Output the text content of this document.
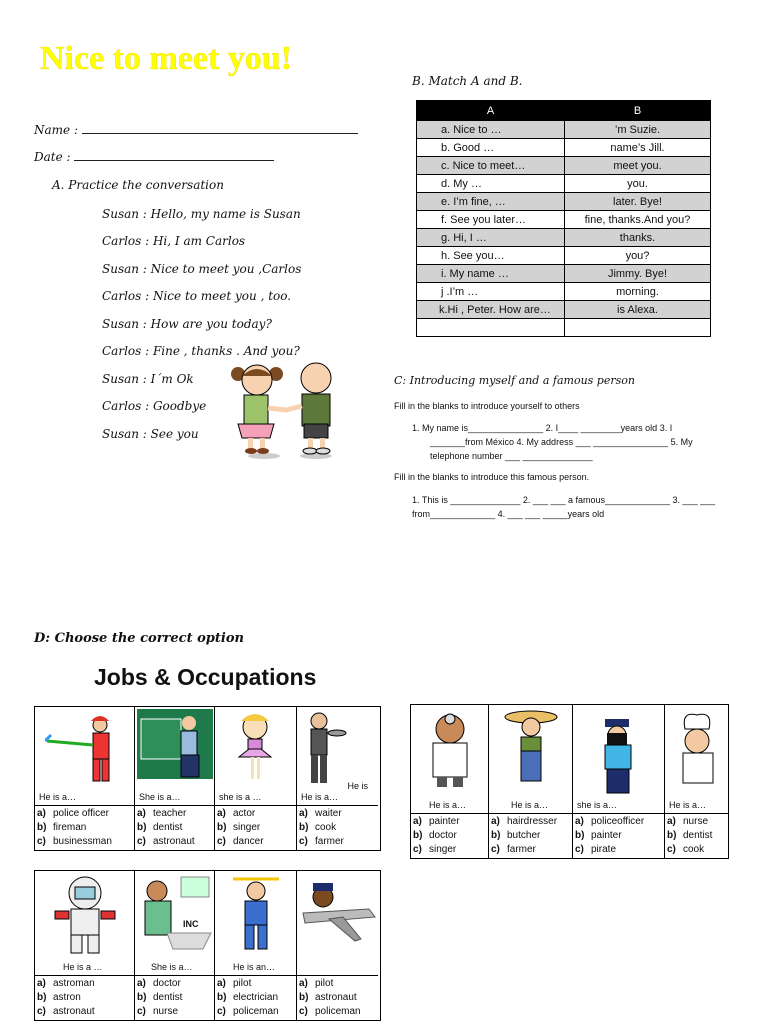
Nice to meet you!
Name :
Date :
A. Practice the conversation
Susan : Hello, my name is Susan
Carlos : Hi, I am Carlos
Susan : Nice to meet you ,Carlos
Carlos : Nice to meet you , too.
Susan : How are you today?
Carlos : Fine , thanks . And you?
Susan : I´m Ok
Carlos : Goodbye
Susan : See you
B. Match A and B.
A	B
a. Nice to …	’m Suzie.
b. Good …	name’s Jill.
c. Nice to meet…	meet you.
d. My …	you.
e. I’m fine, …	later. Bye!
f. See you later…	fine, thanks.And you?
g. Hi, I …	thanks.
h. See you…	you?
i. My name …	Jimmy. Bye!
j .I’m …	morning.
k.Hi , Peter. How are…	is Alexa.

C: Introducing myself and a famous person
Fill in the blanks to introduce yourself to others
1. My name is_______________ 2. I____ ________years old 3. I
_______from México 4. My address ___ _______________ 5. My
telephone number ___ ______________
Fill in the blanks to introduce this famous person.
1. This is ______________ 2. ___ ___ a famous_____________ 3. ___ ___
from_____________ 4. ___ ___ _____years old
D: Choose the correct option
Jobs & Occupations
He is a…
a) police officer
b) fireman
c) businessman
She is a…
a) teacher
b) dentist
c) astronaut
she is a …
a) actor
b) singer
c) dancer
He is
He is a…
a) waiter
b) cook
c) farmer
He is a…
a) painter
b) doctor
c) singer
He is a…
a) hairdresser
b) butcher
c) farmer
she is a…
a) policeofficer
b) painter
c) pirate
He is a…
a) nurse
b) dentist
c) cook
He is a …
a) astroman
b) astron
c) astronaut
INC
She is a…
a) doctor
b) dentist
c) nurse
He is an…
a) pilot
b) electrician
c) policeman
a) pilot
b) astronaut
c) policeman
